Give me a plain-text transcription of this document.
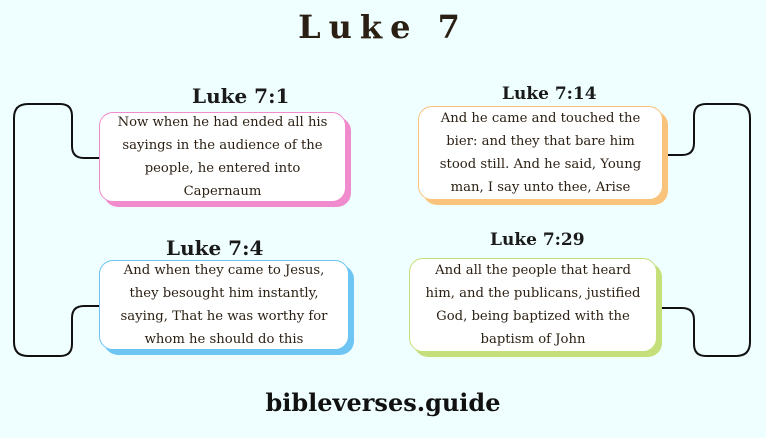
Luke 7
Luke 7:1
Now when he had ended all his sayings in the audience of the people, he entered into Capernaum
Luke 7:4
And when they came to Jesus, they besought him instantly, saying, That he was worthy for whom he should do this
Luke 7:14
And he came and touched the bier: and they that bare him stood still. And he said, Young man, I say unto thee, Arise
Luke 7:29
And all the people that heard him, and the publicans, justified God, being baptized with the baptism of John
bibleverses.guide
